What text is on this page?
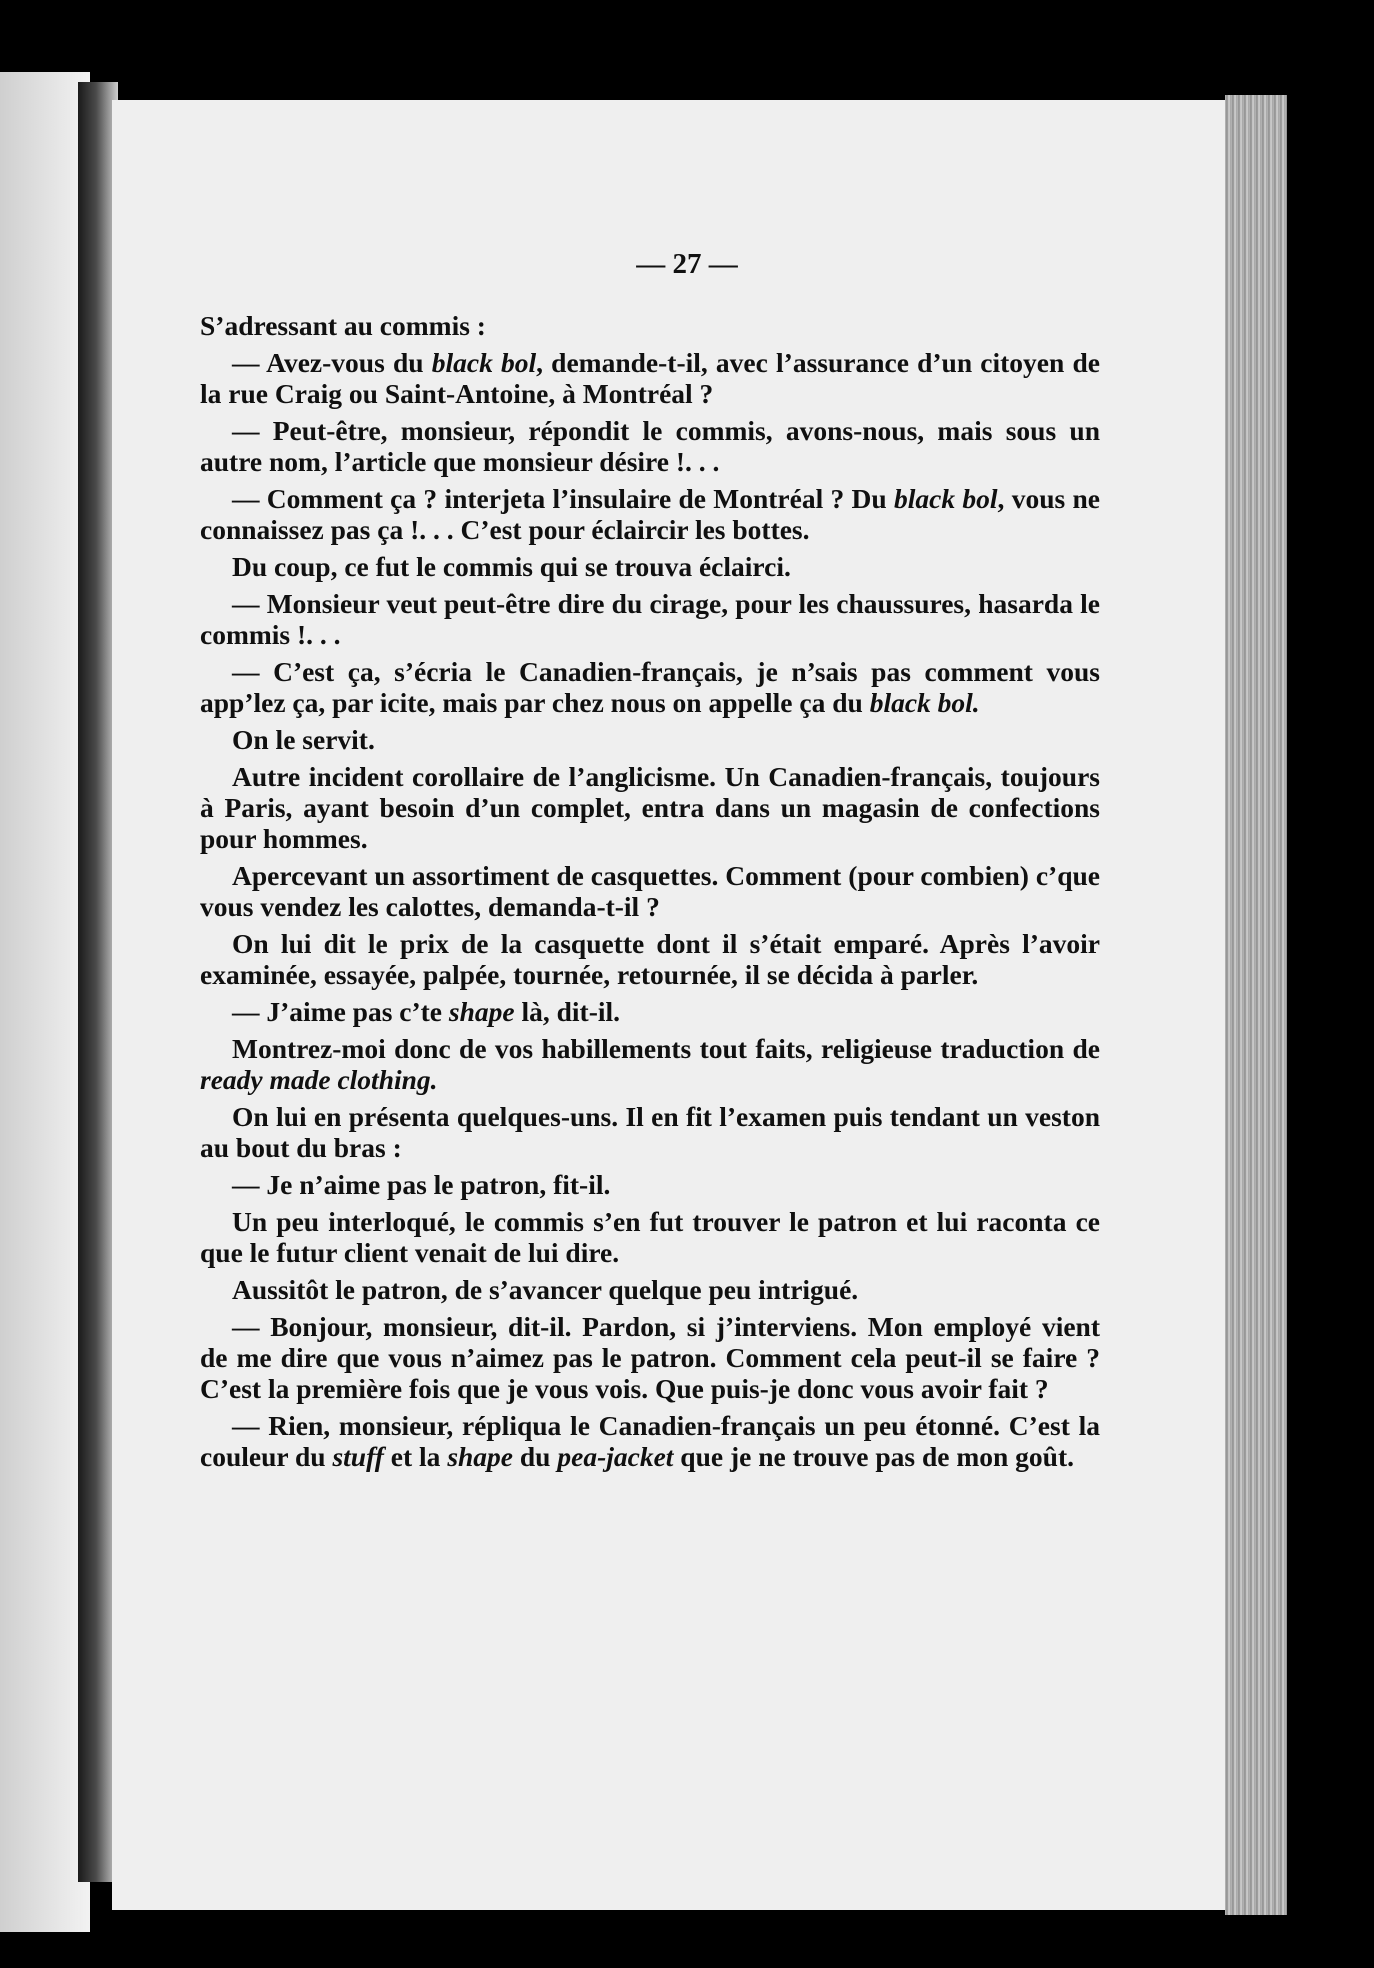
— 27 —

S’adressant au commis :

— Avez-vous du black bol, demande-t-il, avec l’assurance d’un citoyen de la rue Craig ou Saint-Antoine, à Montréal ?

— Peut-être, monsieur, répondit le commis, avons-nous, mais sous un autre nom, l’article que monsieur désire !. . .

— Comment ça ? interjeta l’insulaire de Montréal ? Du black bol, vous ne connaissez pas ça !. . . C’est pour éclaircir les bottes.

Du coup, ce fut le commis qui se trouva éclairci.

— Monsieur veut peut-être dire du cirage, pour les chaussures, hasarda le commis !. . .

— C’est ça, s’écria le Canadien-français, je n’sais pas comment vous app’lez ça, par icite, mais par chez nous on appelle ça du black bol.

On le servit.

Autre incident corollaire de l’anglicisme. Un Canadien-français, toujours à Paris, ayant besoin d’un complet, entra dans un magasin de confections pour hommes.

Apercevant un assortiment de casquettes. Comment (pour combien) c’que vous vendez les calottes, demanda-t-il ?

On lui dit le prix de la casquette dont il s’était emparé. Après l’avoir examinée, essayée, palpée, tournée, retournée, il se décida à parler.

— J’aime pas c’te shape là, dit-il.

Montrez-moi donc de vos habillements tout faits, religieuse traduction de ready made clothing.

On lui en présenta quelques-uns. Il en fit l’examen puis tendant un veston au bout du bras :

— Je n’aime pas le patron, fit-il.

Un peu interloqué, le commis s’en fut trouver le patron et lui raconta ce que le futur client venait de lui dire.

Aussitôt le patron, de s’avancer quelque peu intrigué.

— Bonjour, monsieur, dit-il. Pardon, si j’interviens. Mon employé vient de me dire que vous n’aimez pas le patron. Comment cela peut-il se faire ? C’est la première fois que je vous vois. Que puis-je donc vous avoir fait ?

— Rien, monsieur, répliqua le Canadien-français un peu étonné. C’est la couleur du stuff et la shape du pea-jacket que je ne trouve pas de mon goût.
